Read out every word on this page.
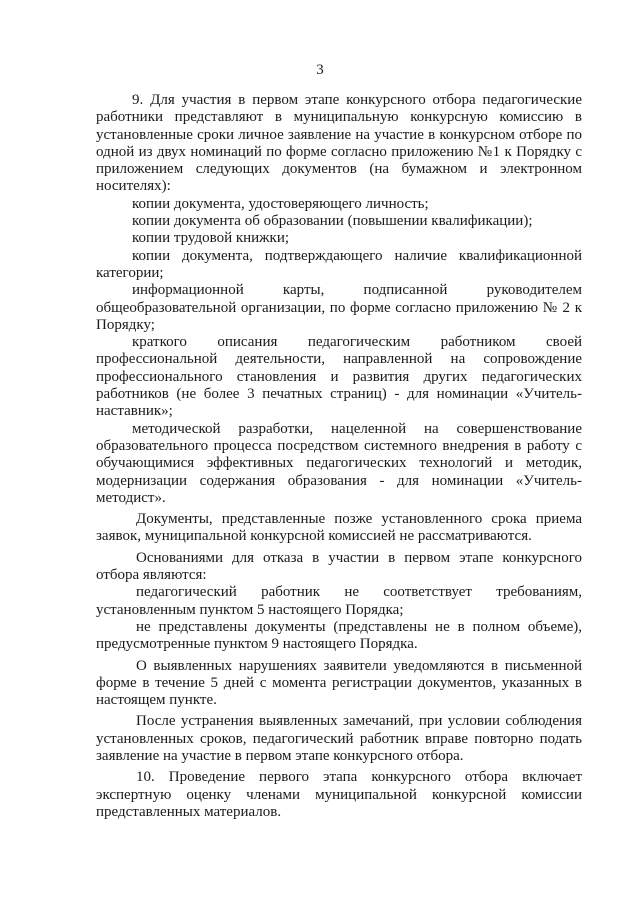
3

9. Для участия в первом этапе конкурсного отбора педагогические работники представляют в муниципальную конкурсную комиссию в установленные сроки личное заявление на участие в конкурсном отборе по одной из двух номинаций по форме согласно приложению №1 к Порядку с приложением следующих документов (на бумажном и электронном носителях):

копии документа, удостоверяющего личность;

копии документа об образовании (повышении квалификации);

копии трудовой книжки;

копии документа, подтверждающего наличие квалификационной категории;

информационной карты, подписанной руководителем общеобразовательной организации, по форме согласно приложению № 2 к Порядку;

краткого описания педагогическим работником своей профессиональной деятельности, направленной на сопровождение профессионального становления и развития других педагогических работников (не более 3 печатных страниц) - для номинации «Учитель-наставник»;

методической разработки, нацеленной на совершенствование образовательного процесса посредством системного внедрения в работу с обучающимися эффективных педагогических технологий и методик, модернизации содержания образования - для номинации «Учитель-методист».

Документы, представленные позже установленного срока приема заявок, муниципальной конкурсной комиссией не рассматриваются.

Основаниями для отказа в участии в первом этапе конкурсного отбора являются:

педагогический работник не соответствует требованиям, установленным пунктом 5 настоящего Порядка;

не представлены документы (представлены не в полном объеме), предусмотренные пунктом 9 настоящего Порядка.

О выявленных нарушениях заявители уведомляются в письменной форме в течение 5 дней с момента регистрации документов, указанных в настоящем пункте.

После устранения выявленных замечаний, при условии соблюдения установленных сроков, педагогический работник вправе повторно подать заявление на участие в первом этапе конкурсного отбора.

10. Проведение первого этапа конкурсного отбора включает экспертную оценку членами муниципальной конкурсной комиссии представленных материалов.
